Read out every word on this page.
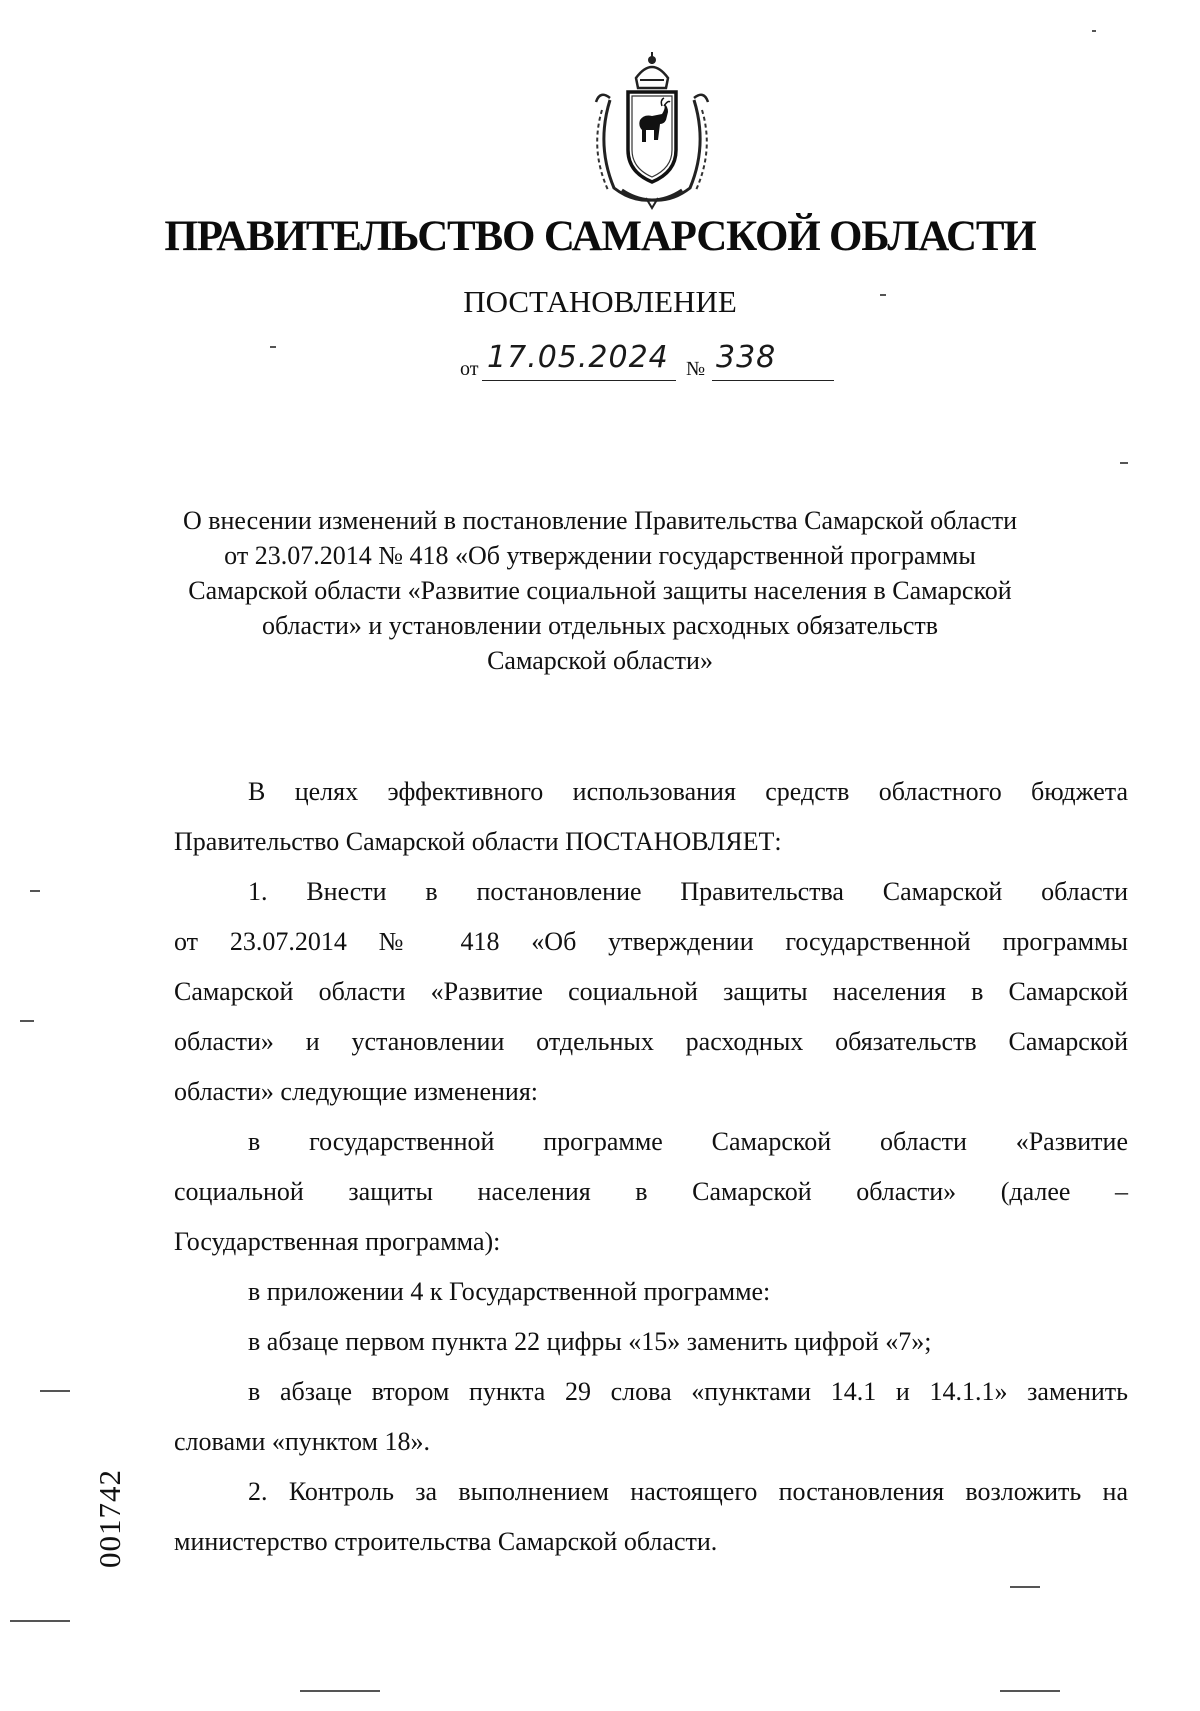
ПРАВИТЕЛЬСТВО САМАРСКОЙ ОБЛАСТИ
ПОСТАНОВЛЕНИЕ
от 17.05.2024 № 338
О внесении изменений в постановление Правительства Самарской области
от 23.07.2014 № 418 «Об утверждении государственной программы
Самарской области «Развитие социальной защиты населения в Самарской
области» и установлении отдельных расходных обязательств
Самарской области»
В целях эффективного использования средств областного бюджета
Правительство Самарской области ПОСТАНОВЛЯЕТ:
1. Внести в постановление Правительства Самарской области
от 23.07.2014 № 418 «Об утверждении государственной программы
Самарской области «Развитие социальной защиты населения в Самарской
области» и установлении отдельных расходных обязательств Самарской
области» следующие изменения:
в государственной программе Самарской области «Развитие
социальной защиты населения в Самарской области» (далее –
Государственная программа):
в приложении 4 к Государственной программе:
в абзаце первом пункта 22 цифры «15» заменить цифрой «7»;
в абзаце втором пункта 29 слова «пунктами 14.1 и 14.1.1» заменить
словами «пунктом 18».
2. Контроль за выполнением настоящего постановления возложить на
министерство строительства Самарской области.
001742
